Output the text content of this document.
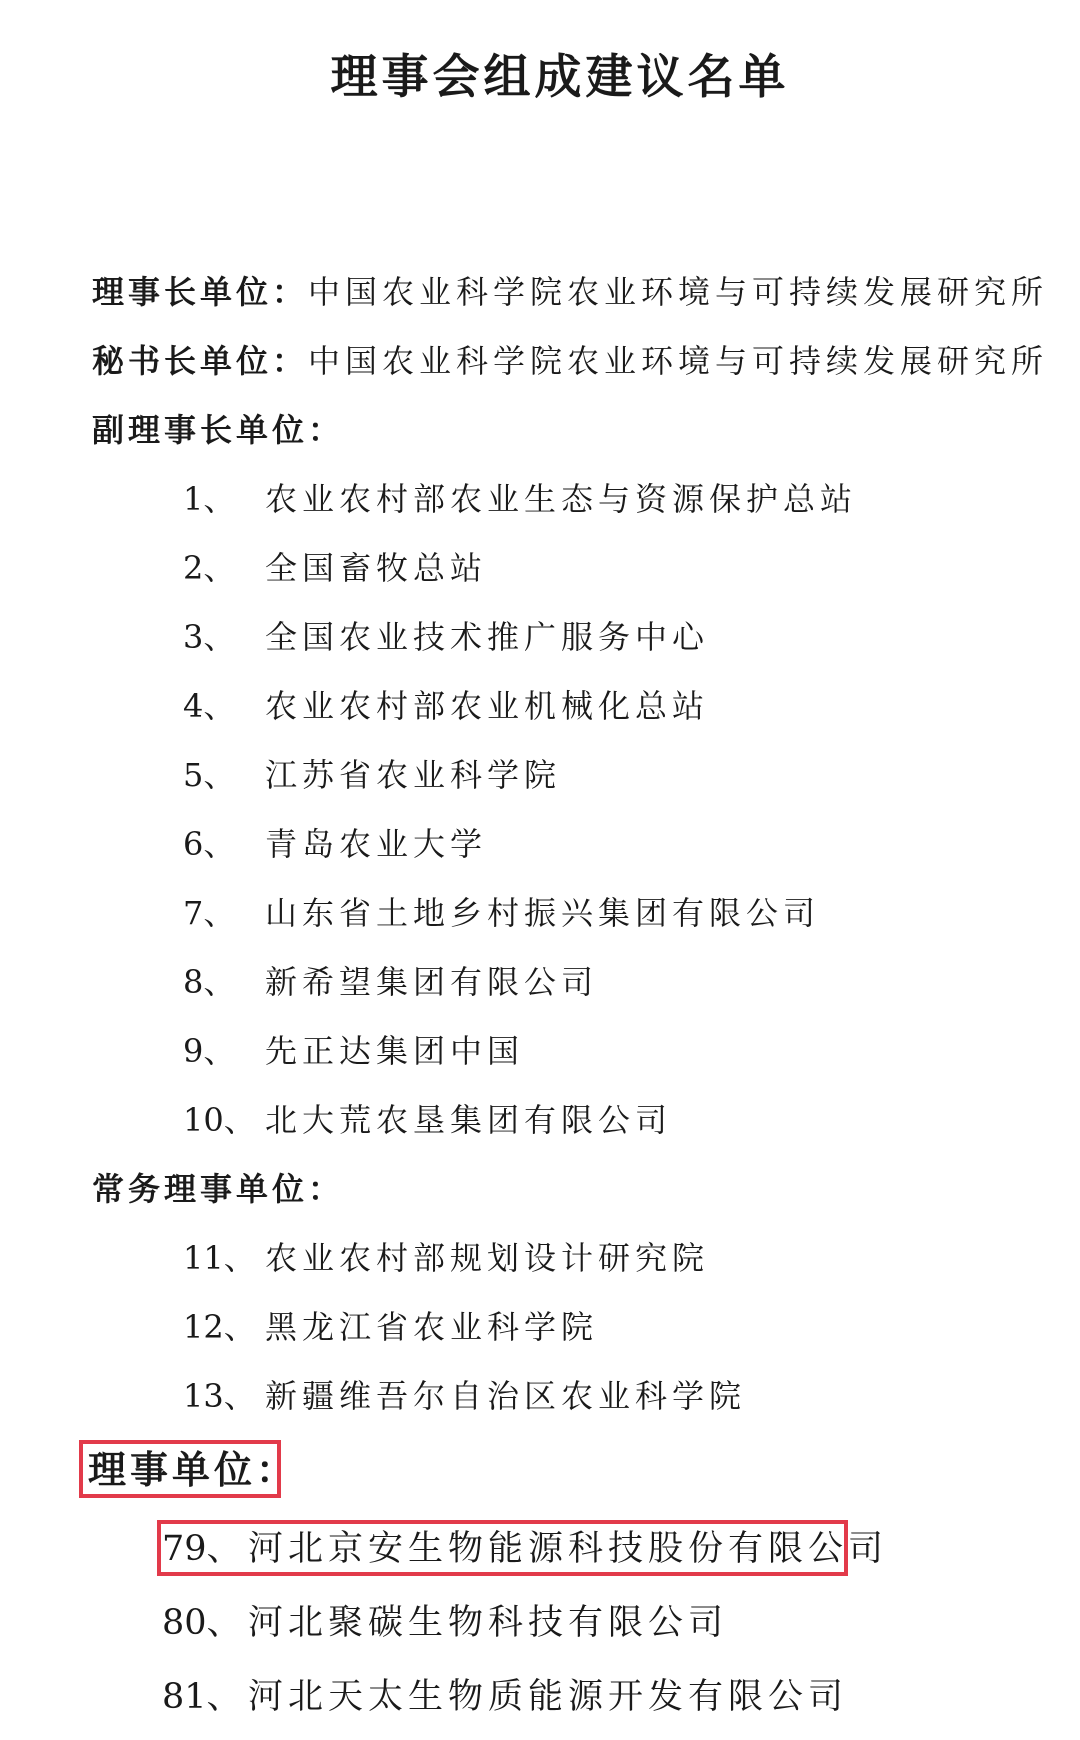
理事会组成建议名单
理事长单位：中国农业科学院农业环境与可持续发展研究所
秘书长单位：中国农业科学院农业环境与可持续发展研究所
副理事长单位：
1、 农业农村部农业生态与资源保护总站
2、 全国畜牧总站
3、 全国农业技术推广服务中心
4、 农业农村部农业机械化总站
5、 江苏省农业科学院
6、 青岛农业大学
7、 山东省土地乡村振兴集团有限公司
8、 新希望集团有限公司
9、 先正达集团中国
10、 北大荒农垦集团有限公司
常务理事单位：
11、 农业农村部规划设计研究院
12、 黑龙江省农业科学院
13、 新疆维吾尔自治区农业科学院
理事单位：
79、 河北京安生物能源科技股份有限公司
80、 河北聚碳生物科技有限公司
81、 河北天太生物质能源开发有限公司
